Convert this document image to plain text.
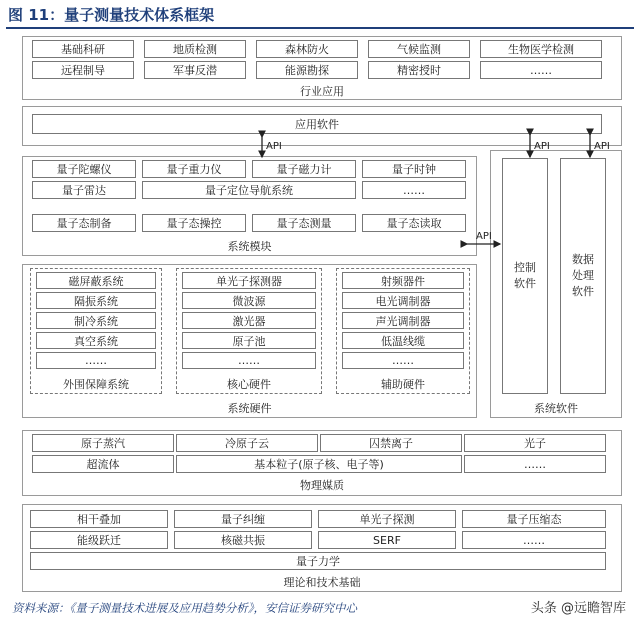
图 11：量子测量技术体系框架
基础科研	地质检测	森林防火	气候监测	生物医学检测
远程制导	军事反潜	能源勘探	精密授时	……
行业应用
应用软件
量子陀螺仪	量子重力仪	量子磁力计	量子时钟
量子雷达	量子定位导航系统	……
量子态制备	量子态操控	量子态测量	量子态读取
系统模块
磁屏蔽系统
隔振系统
制冷系统
真空系统
……
外围保障系统
单光子探测器
微波源
激光器
原子池
……
核心硬件
射频器件
电光调制器
声光调制器
低温线缆
……
辅助硬件
系统硬件
控制
软件
数据
处理
软件
系统软件
原子蒸汽	冷原子云	囚禁离子	光子
超流体	基本粒子(原子核、电子等)	……
物理媒质
相干叠加	量子纠缠	单光子探测	量子压缩态
能级跃迁	核磁共振	SERF	……
量子力学
理论和技术基础
API
API
API	API
资料来源：《量子测量技术进展及应用趋势分析》，安信证券研究中心	头条 @远瞻智库
